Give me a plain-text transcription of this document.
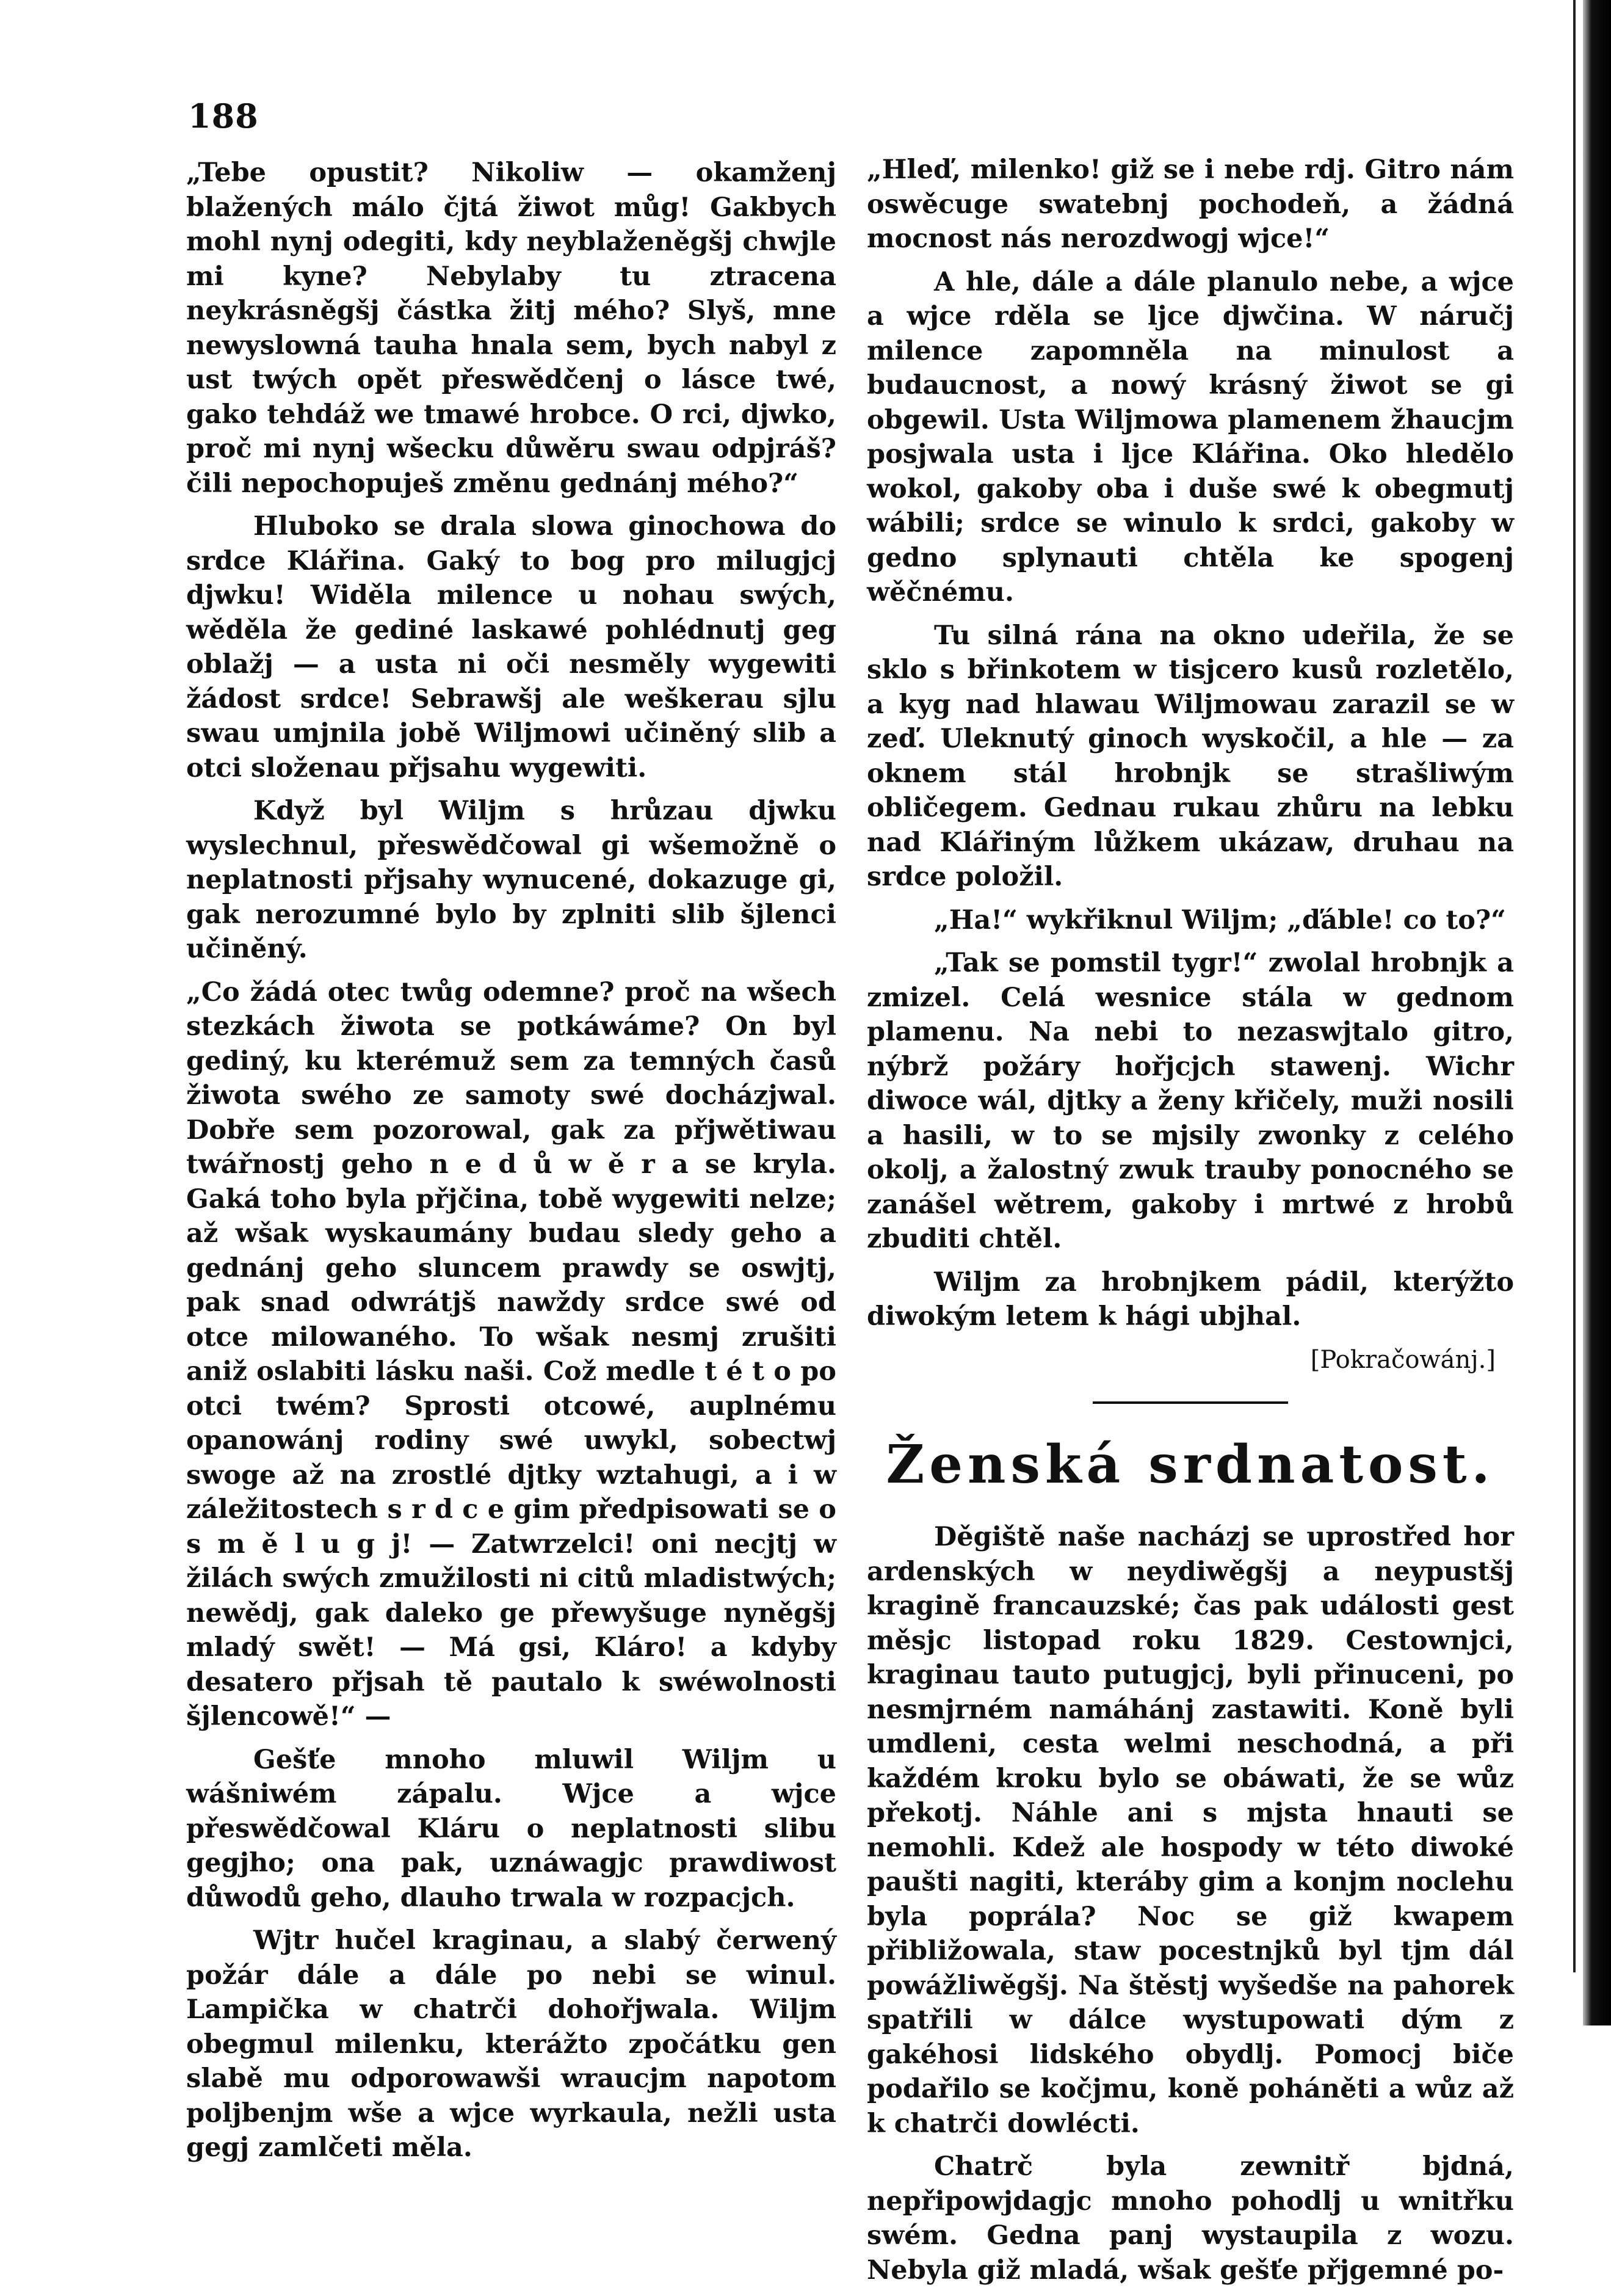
188

„Tebe opustit? Nikoliw — okamženj blažených málo čjtá žiwot můg! Gakbych mohl nynj odegiti, kdy neyblaženěgšj chwjle mi kyne? Nebylaby tu ztracena neykrásněgšj částka žitj mého? Slyš, mne newyslowná tauha hnala sem, bych nabyl z ust twých opět přeswědčenj o lásce twé, gako tehdáž we tmawé hrobce. O rci, djwko, proč mi nynj wšecku důwěru swau odpjráš? čili nepochopuješ změnu gednánj mého?“

Hluboko se drala slowa ginochowa do srdce Klářina. Gaký to bog pro milugjcj djwku! Widěla milence u nohau swých, wěděla že gediné laskawé pohlédnutj geg oblažj — a usta ni oči nesměly wygewiti žádost srdce! Sebrawšj ale weškerau sjlu swau umjnila jobě Wiljmowi učiněný slib a otci složenau přjsahu wygewiti.

Když byl Wiljm s hrůzau djwku wyslechnul, přeswědčowal gi wšemožně o neplatnosti přjsahy wynucené, dokazuge gi, gak nerozumné bylo by zplniti slib šjlenci učiněný.

„Co žádá otec twůg odemne? proč na wšech stezkách žiwota se potkáwáme? On byl gediný, ku kterémuž sem za temných časů žiwota swého ze samoty swé docházjwal. Dobře sem pozorowal, gak za přjwětiwau twářnostj geho n e d ů w ě r a se kryla. Gaká toho byla přjčina, tobě wygewiti nelze; až wšak wyskaumány budau sledy geho a gednánj geho sluncem prawdy se oswjtj, pak snad odwrátjš nawždy srdce swé od otce milowaného. To wšak nesmj zrušiti aniž oslabiti lásku naši. Což medle t é t o po otci twém? Sprosti otcowé, auplnému opanowánj rodiny swé uwykl, sobectwj swoge až na zrostlé djtky wztahugi, a i w záležitostech s r d c e gim předpisowati se o s m ě l u g j! — Zatwrzelci! oni necjtj w žilách swých zmužilosti ni citů mladistwých; newědj, gak daleko ge přewyšuge nyněgšj mladý swět! — Má gsi, Kláro! a kdyby desatero přjsah tě pautalo k swéwolnosti šjlencowě!“ —

Gešťe mnoho mluwil Wiljm u wášniwém zápalu. Wjce a wjce přeswědčowal Kláru o neplatnosti slibu gegjho; ona pak, uznáwagjc prawdiwost důwodů geho, dlauho trwala w rozpacjch.

Wjtr hučel kraginau, a slabý čerwený požár dále a dále po nebi se winul. Lampička w chatrči dohořjwala. Wiljm obegmul milenku, kterážto zpočátku gen slabě mu odporowawši wraucjm napotom poljbenjm wše a wjce wyrkaula, nežli usta gegj zamlčeti měla.

„Hleď, milenko! giž se i nebe rdj. Gitro nám oswěcuge swatebnj pochodeň, a žádná mocnost nás nerozdwogj wjce!“

A hle, dále a dále planulo nebe, a wjce a wjce rděla se ljce djwčina. W náručj milence zapomněla na minulost a budaucnost, a nowý krásný žiwot se gi obgewil. Usta Wiljmowa plamenem žhaucjm posjwala usta i ljce Klářina. Oko hledělo wokol, gakoby oba i duše swé k obegmutj wábili; srdce se winulo k srdci, gakoby w gedno splynauti chtěla ke spogenj wěčnému.

Tu silná rána na okno udeřila, že se sklo s břinkotem w tisjcero kusů rozletělo, a kyg nad hlawau Wiljmowau zarazil se w zeď. Uleknutý ginoch wyskočil, a hle — za oknem stál hrobnjk se strašliwým obličegem. Gednau rukau zhůru na lebku nad Klářiným lůžkem ukázaw, druhau na srdce položil.

„Ha!“ wykřiknul Wiljm; „ďáble! co to?“

„Tak se pomstil tygr!“ zwolal hrobnjk a zmizel. Celá wesnice stála w gednom plamenu. Na nebi to nezaswjtalo gitro, nýbrž požáry hořjcjch stawenj. Wichr diwoce wál, djtky a ženy křičely, muži nosili a hasili, w to se mjsily zwonky z celého okolj, a žalostný zwuk trauby ponocného se zanášel wětrem, gakoby i mrtwé z hrobů zbuditi chtěl.

Wiljm za hrobnjkem pádil, kterýžto diwokým letem k hági ubjhal.

[Pokračowánj.]
Ženská srdnatost.

Děgiště naše nacházj se uprostřed hor ardenských w neydiwěgšj a neypustšj kragině francauzské; čas pak události gest měsjc listopad roku 1829. Cestownjci, kraginau tauto putugjcj, byli přinuceni, po nesmjrném namáhánj zastawiti. Koně byli umdleni, cesta welmi neschodná, a při každém kroku bylo se obáwati, že se wůz překotj. Náhle ani s mjsta hnauti se nemohli. Kdež ale hospody w této diwoké paušti nagiti, kteráby gim a konjm noclehu byla poprála? Noc se giž kwapem přibližowala, staw pocestnjků byl tjm dál powážliwěgšj. Na štěstj wyšedše na pahorek spatřili w dálce wystupowati dým z gakéhosi lidského obydlj. Pomocj biče podařilo se kočjmu, koně poháněti a wůz až k chatrči dowlécti.

Chatrč byla zewnitř bjdná, nepřipowjdagjc mnoho pohodlj u wnitřku swém. Gedna panj wystaupila z wozu. Nebyla giž mladá, wšak gešťe přjgemné po-
